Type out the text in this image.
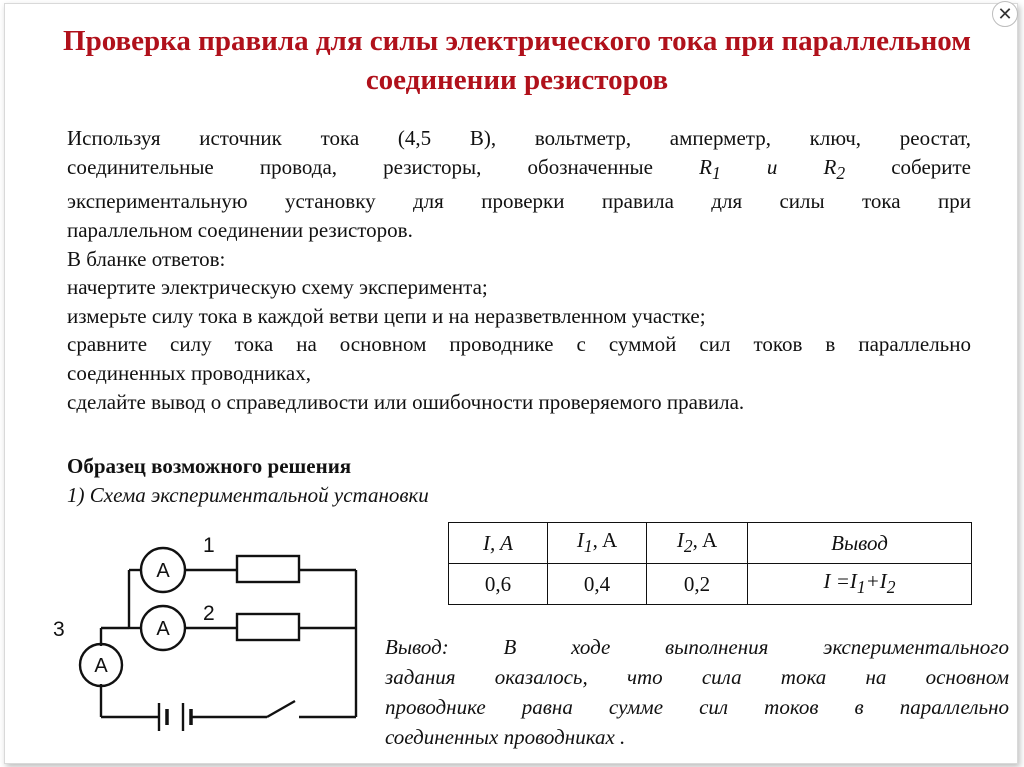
Проверка правила для силы электрического тока при параллельном соединении резисторов

Используя источник тока (4,5 В), вольтметр, амперметр, ключ, реостат,

соединительные провода, резисторы, обозначенные $R_1$ и $R_2$ соберите

экспериментальную установку для проверки правила для силы тока при

параллельном соединении резисторов.

В бланке ответов:

начертите электрическую схему эксперимента;

измерьте силу тока в каждой ветви цепи и на неразветвленном участке;

сравните силу тока на основном проводнике с суммой сил токов в параллельно

соединенных проводниках,

сделайте вывод о справедливости или ошибочности проверяемого правила.

Образец возможного решения
1) Схема экспериментальной установки
A
A
A
1
2
3
I, A	$I_1$, A	$I_2$, A	Вывод
0,6	0,4	0,2	$I =I_1+I_2$

Вывод: В ходе выполнения экспериментального

задания оказалось, что сила тока на основном

проводнике равна сумме сил токов в параллельно

соединенных проводниках .

✕
